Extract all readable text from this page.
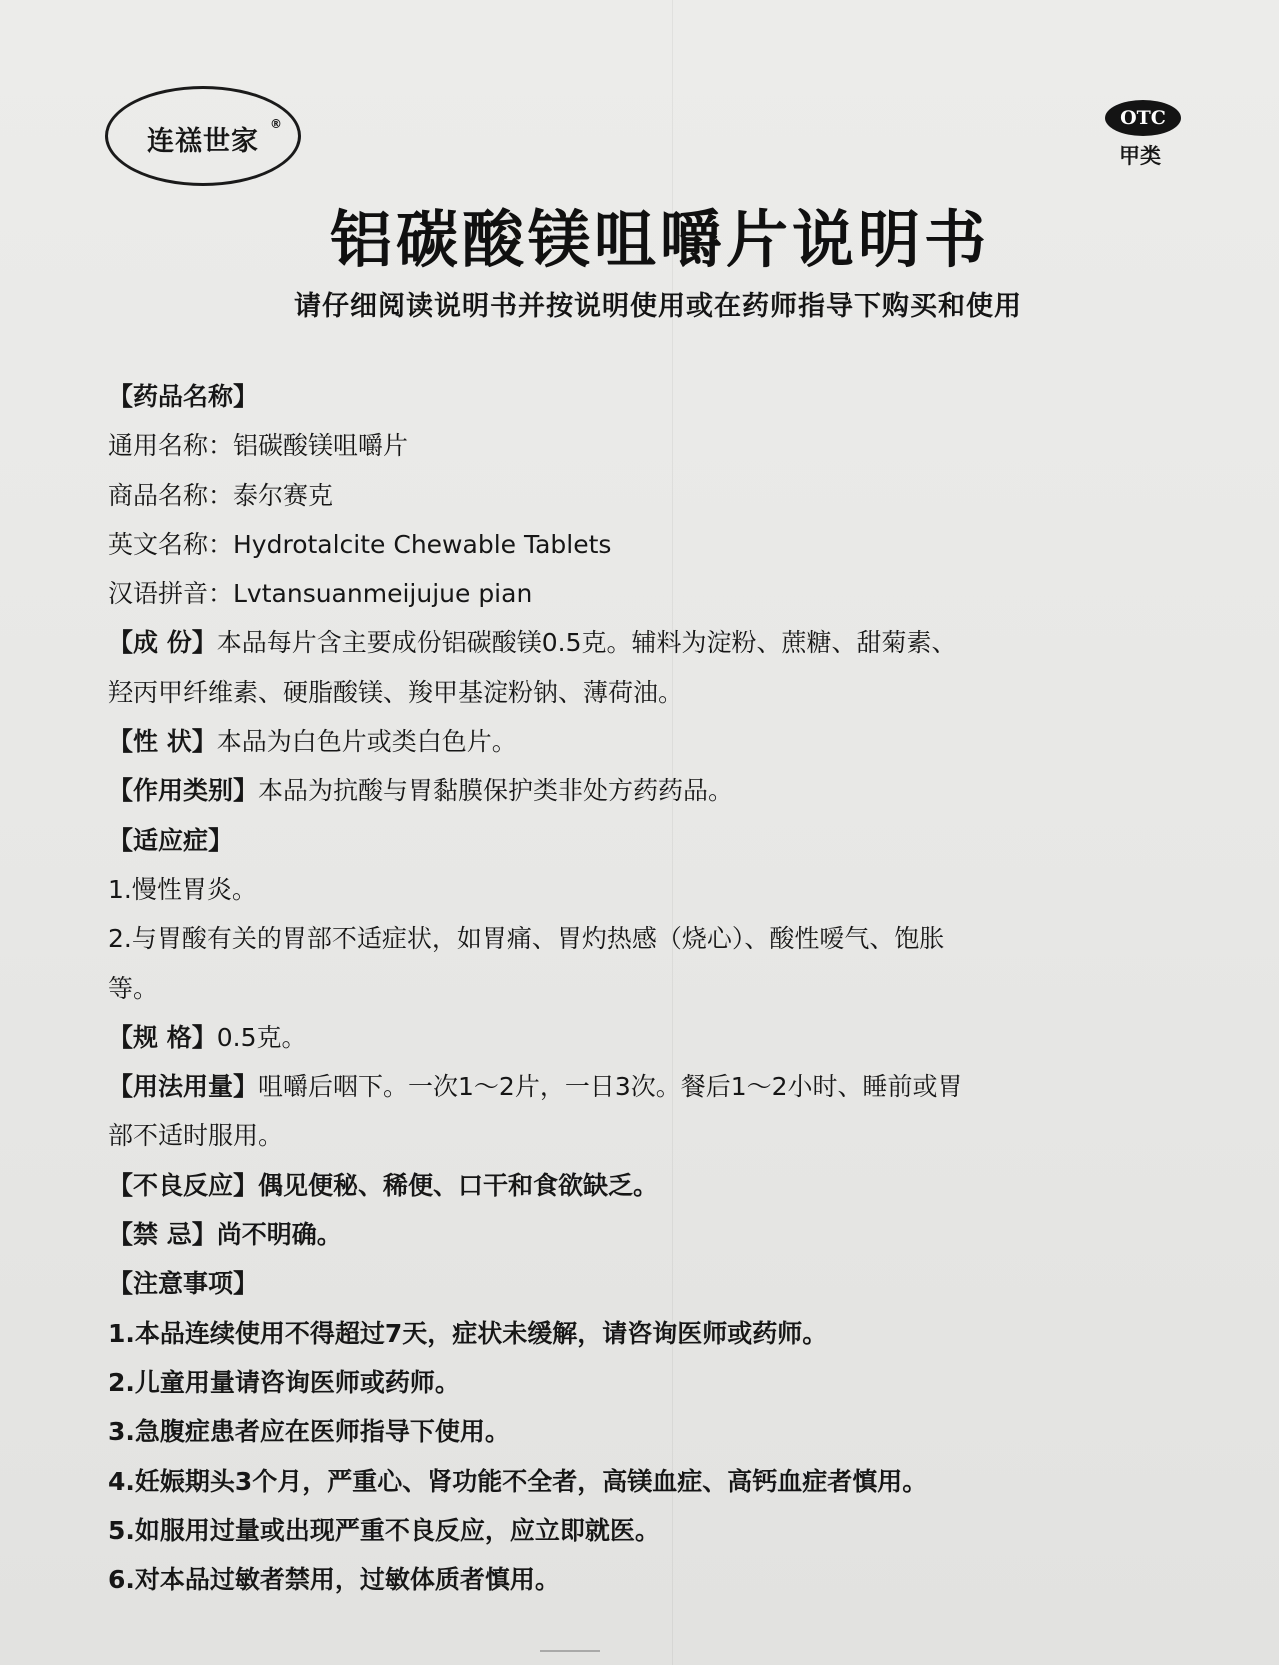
连禚世家
®	OTC
甲类
铝碳酸镁咀嚼片说明书
请仔细阅读说明书并按说明使用或在药师指导下购买和使用
【药品名称】
通用名称：铝碳酸镁咀嚼片
商品名称：泰尔赛克
英文名称：Hydrotalcite Chewable Tablets
汉语拼音：Lvtansuanmeijujue pian
【成 份】本品每片含主要成份铝碳酸镁0.5克。辅料为淀粉、蔗糖、甜菊素、
羟丙甲纤维素、硬脂酸镁、羧甲基淀粉钠、薄荷油。
【性 状】本品为白色片或类白色片。
【作用类别】本品为抗酸与胃黏膜保护类非处方药药品。
【适应症】
1.慢性胃炎。
2.与胃酸有关的胃部不适症状，如胃痛、胃灼热感（烧心）、酸性嗳气、饱胀
等。
【规 格】0.5克。
【用法用量】咀嚼后咽下。一次1～2片，一日3次。餐后1～2小时、睡前或胃
部不适时服用。
【不良反应】偶见便秘、稀便、口干和食欲缺乏。
【禁 忌】尚不明确。
【注意事项】
1.本品连续使用不得超过7天，症状未缓解，请咨询医师或药师。
2.儿童用量请咨询医师或药师。
3.急腹症患者应在医师指导下使用。
4.妊娠期头3个月，严重心、肾功能不全者，高镁血症、高钙血症者慎用。
5.如服用过量或出现严重不良反应，应立即就医。
6.对本品过敏者禁用，过敏体质者慎用。
